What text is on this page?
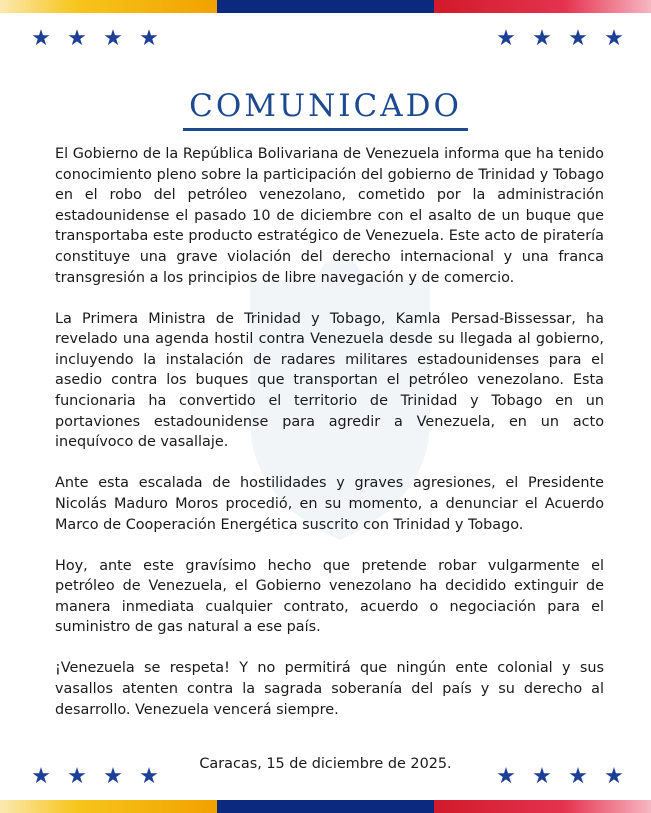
★ ★ ★ ★	★ ★ ★ ★
COMUNICADO

El Gobierno de la República Bolivariana de Venezuela informa que ha tenido conocimiento pleno sobre la participación del gobierno de Trinidad y Tobago en el robo del petróleo venezolano, cometido por la administración estadounidense el pasado 10 de diciembre con el asalto de un buque que transportaba este producto estratégico de Venezuela. Este acto de piratería constituye una grave violación del derecho internacional y una franca transgresión a los principios de libre navegación y de comercio.

La Primera Ministra de Trinidad y Tobago, Kamla Persad-Bissessar, ha revelado una agenda hostil contra Venezuela desde su llegada al gobierno, incluyendo la instalación de radares militares estadounidenses para el asedio contra los buques que transportan el petróleo venezolano. Esta funcionaria ha convertido el territorio de Trinidad y Tobago en un portaviones estadounidense para agredir a Venezuela, en un acto inequívoco de vasallaje.

Ante esta escalada de hostilidades y graves agresiones, el Presidente Nicolás Maduro Moros procedió, en su momento, a denunciar el Acuerdo Marco de Cooperación Energética suscrito con Trinidad y Tobago.

Hoy, ante este gravísimo hecho que pretende robar vulgarmente el petróleo de Venezuela, el Gobierno venezolano ha decidido extinguir de manera inmediata cualquier contrato, acuerdo o negociación para el suministro de gas natural a ese país.

¡Venezuela se respeta! Y no permitirá que ningún ente colonial y sus vasallos atenten contra la sagrada soberanía del país y su derecho al desarrollo. Venezuela vencerá siempre.

Caracas, 15 de diciembre de 2025.
★ ★ ★ ★	★ ★ ★ ★
